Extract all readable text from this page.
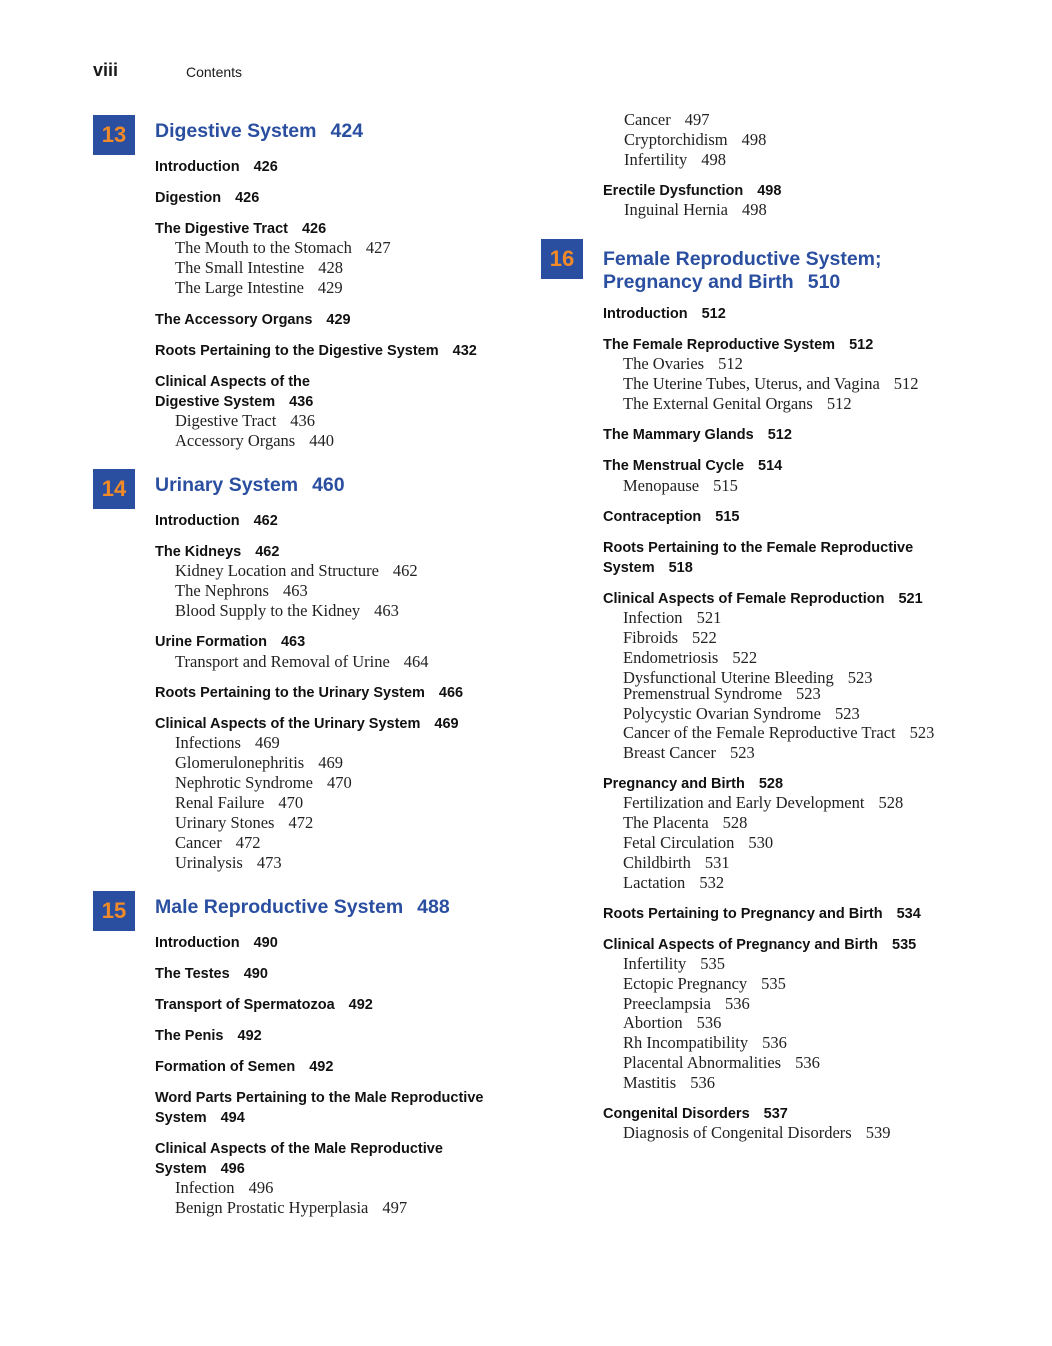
viii	Contents
13	Digestive System 424
Introduction 426
Digestion 426
The Digestive Tract 426
The Mouth to the Stomach 427
The Small Intestine 428
The Large Intestine 429
The Accessory Organs 429
Roots Pertaining to the Digestive System 432
Clinical Aspects of the
Digestive System 436
Digestive Tract 436
Accessory Organs 440
14	Urinary System 460
Introduction 462
The Kidneys 462
Kidney Location and Structure 462
The Nephrons 463
Blood Supply to the Kidney 463
Urine Formation 463
Transport and Removal of Urine 464
Roots Pertaining to the Urinary System 466
Clinical Aspects of the Urinary System 469
Infections 469
Glomerulonephritis 469
Nephrotic Syndrome 470
Renal Failure 470
Urinary Stones 472
Cancer 472
Urinalysis 473
15	Male Reproductive System 488
Introduction 490
The Testes 490
Transport of Spermatozoa 492
The Penis 492
Formation of Semen 492
Word Parts Pertaining to the Male Reproductive
System 494
Clinical Aspects of the Male Reproductive
System 496
Infection 496
Benign Prostatic Hyperplasia 497
Cancer 497
Cryptorchidism 498
Infertility 498
Erectile Dysfunction 498
Inguinal Hernia 498
16	Female Reproductive System;
Pregnancy and Birth 510
Introduction 512
The Female Reproductive System 512
The Ovaries 512
The Uterine Tubes, Uterus, and Vagina 512
The External Genital Organs 512
The Mammary Glands 512
The Menstrual Cycle 514
Menopause 515
Contraception 515
Roots Pertaining to the Female Reproductive
System 518
Clinical Aspects of Female Reproduction 521
Infection 521
Fibroids 522
Endometriosis 522
Dysfunctional Uterine Bleeding 523
Premenstrual Syndrome 523
Polycystic Ovarian Syndrome 523
Cancer of the Female Reproductive Tract 523
Breast Cancer 523
Pregnancy and Birth 528
Fertilization and Early Development 528
The Placenta 528
Fetal Circulation 530
Childbirth 531
Lactation 532
Roots Pertaining to Pregnancy and Birth 534
Clinical Aspects of Pregnancy and Birth 535
Infertility 535
Ectopic Pregnancy 535
Preeclampsia 536
Abortion 536
Rh Incompatibility 536
Placental Abnormalities 536
Mastitis 536
Congenital Disorders 537
Diagnosis of Congenital Disorders 539
